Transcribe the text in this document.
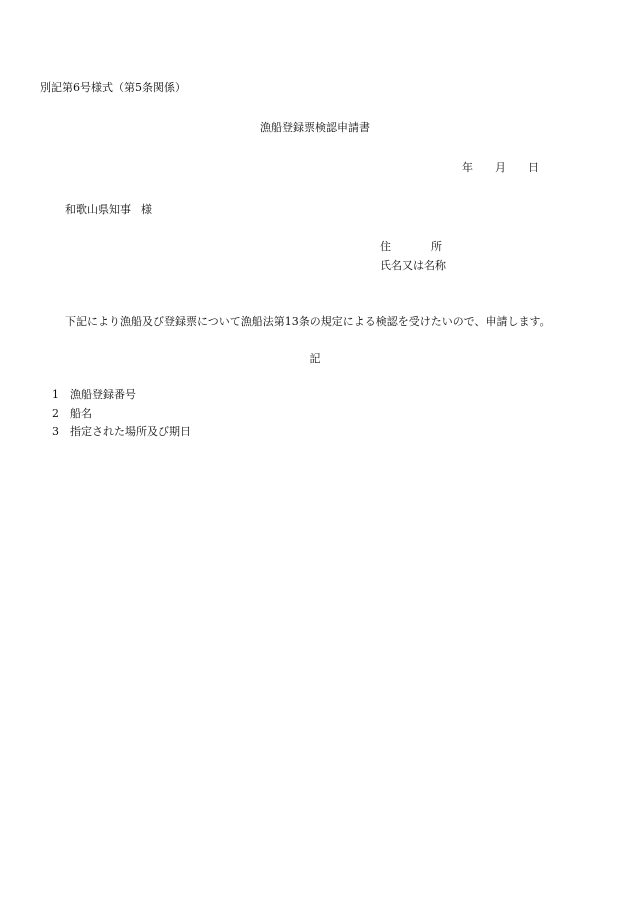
別記第6号様式（第5条関係）
漁船登録票検認申請書
年 月 日
和歌山県知事 様
住	所
氏名又は名称
下記により漁船及び登録票について漁船法第13条の規定による検認を受けたいので、申請します。
記
1 漁船登録番号
2 船名
3 指定された場所及び期日
